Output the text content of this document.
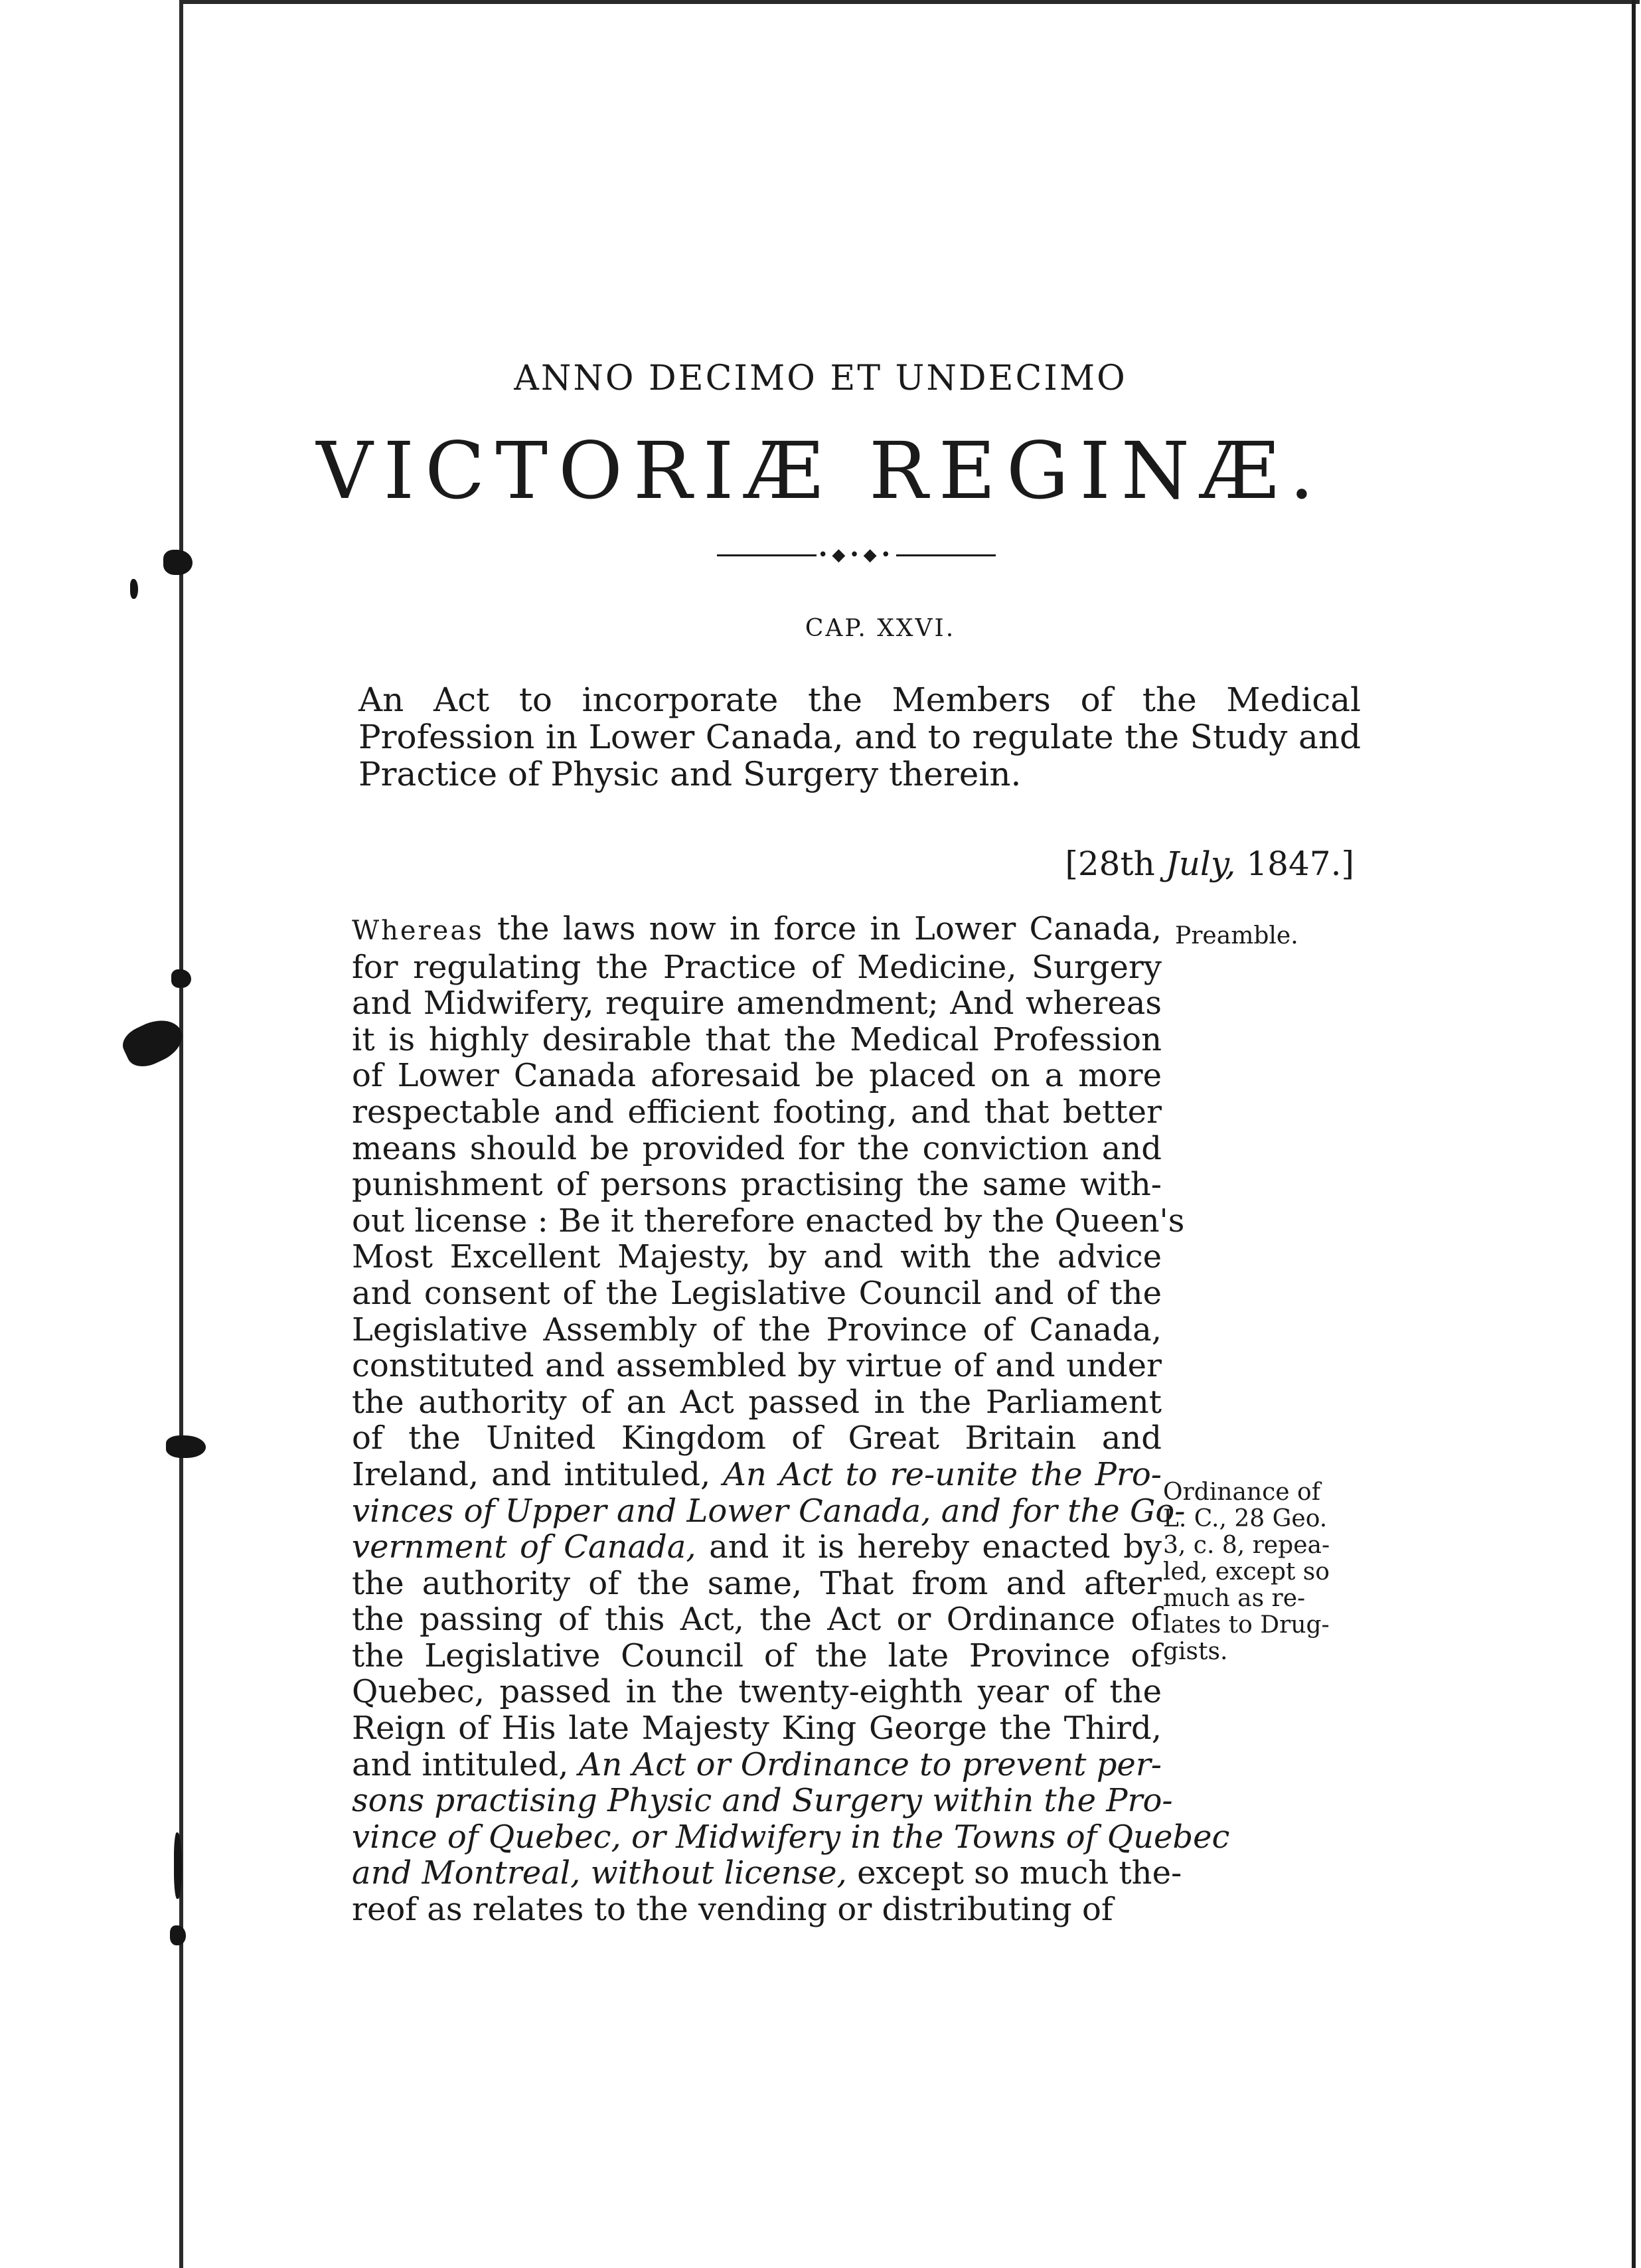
ANNO DECIMO ET UNDECIMO
VICTORIÆ REGINÆ.
•◆•◆•
CAP. XXVI.

An Act to incorporate the Members of the Medical Profession in Lower Canada, and to regulate the Study and Practice of Physic and Surgery therein.

[28th July, 1847.]
Preamble.
Ordinance of
L. C., 28 Geo.
3, c. 8, repea-
led, except so
much as re-
lates to Drug-
gists.
Whereas the laws now in force in Lower Canada,
for regulating the Practice of Medicine, Surgery
and Midwifery, require amendment; And whereas
it is highly desirable that the Medical Profession
of Lower Canada aforesaid be placed on a more
respectable and efficient footing, and that better
means should be provided for the conviction and
punishment of persons practising the same with-
out license : Be it therefore enacted by the Queen's
Most Excellent Majesty, by and with the advice
and consent of the Legislative Council and of the
Legislative Assembly of the Province of Canada,
constituted and assembled by virtue of and under
the authority of an Act passed in the Parliament
of the United Kingdom of Great Britain and
Ireland, and intituled, An Act to re-unite the Pro-
vinces of Upper and Lower Canada, and for the Go-
vernment of Canada, and it is hereby enacted by
the authority of the same, That from and after
the passing of this Act, the Act or Ordinance of
the Legislative Council of the late Province of
Quebec, passed in the twenty-eighth year of the
Reign of His late Majesty King George the Third,
and intituled, An Act or Ordinance to prevent per-
sons practising Physic and Surgery within the Pro-
vince of Quebec, or Midwifery in the Towns of Quebec
and Montreal, without license, except so much the-
reof as relates to the vending or distributing of
